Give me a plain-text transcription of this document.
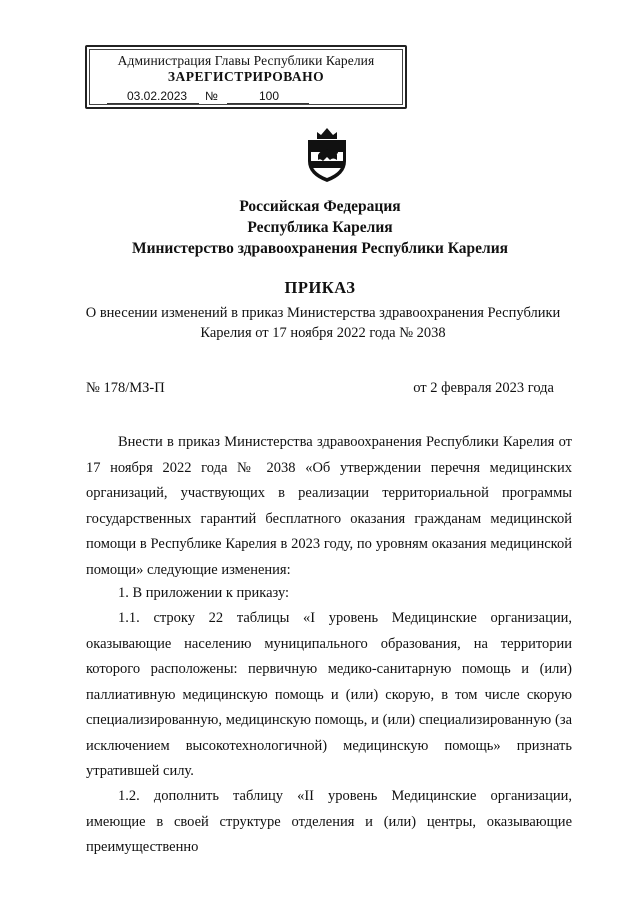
Администрация Главы Республики Карелия
ЗАРЕГИСТРИРОВАНО
03.02.2023 №	100
Российская Федерация
Республика Карелия
Министерство здравоохранения Республики Карелия
ПРИКАЗ
О внесении изменений в приказ Министерства здравоохранения Республики Карелия от 17 ноября 2022 года № 2038
№ 178/МЗ-П	от 2 февраля 2023 года
Внести в приказ Министерства здравоохранения Республики Карелия от 17 ноября 2022 года № 2038 «Об утверждении перечня медицинских организаций, участвующих в реализации территориальной программы государственных гарантий бесплатного оказания гражданам медицинской помощи в Республике Карелия в 2023 году, по уровням оказания медицинской помощи» следующие изменения:
1. В приложении к приказу:
1.1. строку 22 таблицы «I уровень Медицинские организации, оказывающие населению муниципального образования, на территории которого расположены: первичную медико-санитарную помощь и (или) паллиативную медицинскую помощь и (или) скорую, в том числе скорую специализированную, медицинскую помощь, и (или) специализированную (за исключением высокотехнологичной) медицинскую помощь» признать утратившей силу.
1.2. дополнить таблицу «II уровень Медицинские организации, имеющие в своей структуре отделения и (или) центры, оказывающие преимущественно
